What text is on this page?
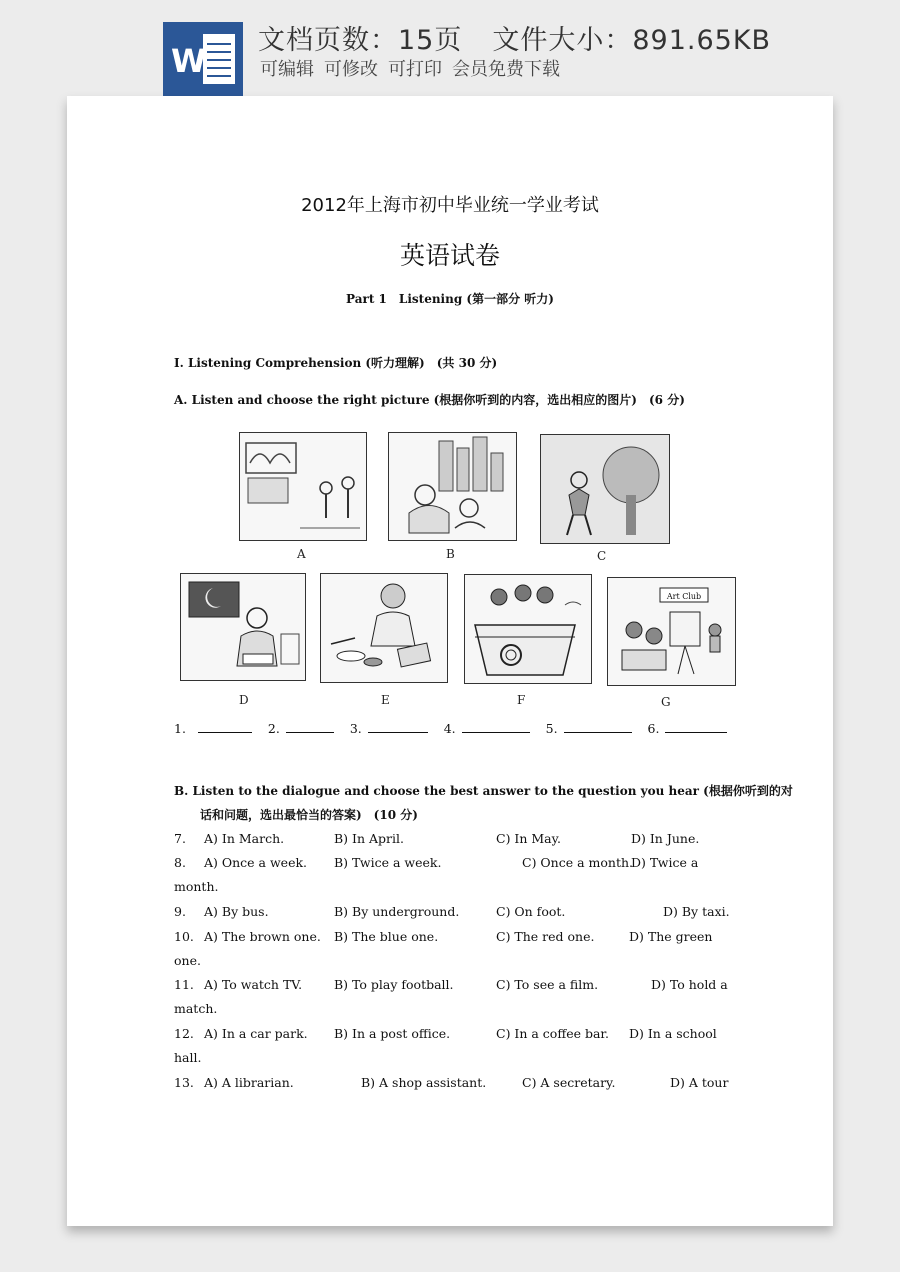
W
文档页数：15页 文件大小：891.65KB
可编辑 可修改 可打印 会员免费下载
2012年上海市初中毕业统一学业考试
英语试卷
Part 1　Listening (第一部分 听力)
I. Listening Comprehension (听力理解)　(共 30 分)
A. Listen and choose the right picture (根据你听到的内容，选出相应的图片)　(6 分)
A	B	C
D	E	F
Art Club
G
1.	2.	3.	4.	5.	6.
B. Listen to the dialogue and choose the best answer to the question you hear (根据你听到的对
话和问题，选出最恰当的答案)　(10 分)
7. A) In March.	B) In April.	C) In May.	D) In June.
8. A) Once a week. B) Twice a week.	C) Once a month.
D) Twice a
month.
9. A) By bus.	B) By underground.	C) On foot.	D) By taxi.
10. A) The brown one. B) The blue one.	C) The red one.	D) The green
one.
11. A) To watch TV.	B) To play football.	C) To see a film.	D) To hold a
match.
12. A) In a car park. B) In a post office.	C) In a coffee bar. D) In a school
hall.
13. A) A librarian.	B) A shop assistant.	C) A secretary.	D) A tour
